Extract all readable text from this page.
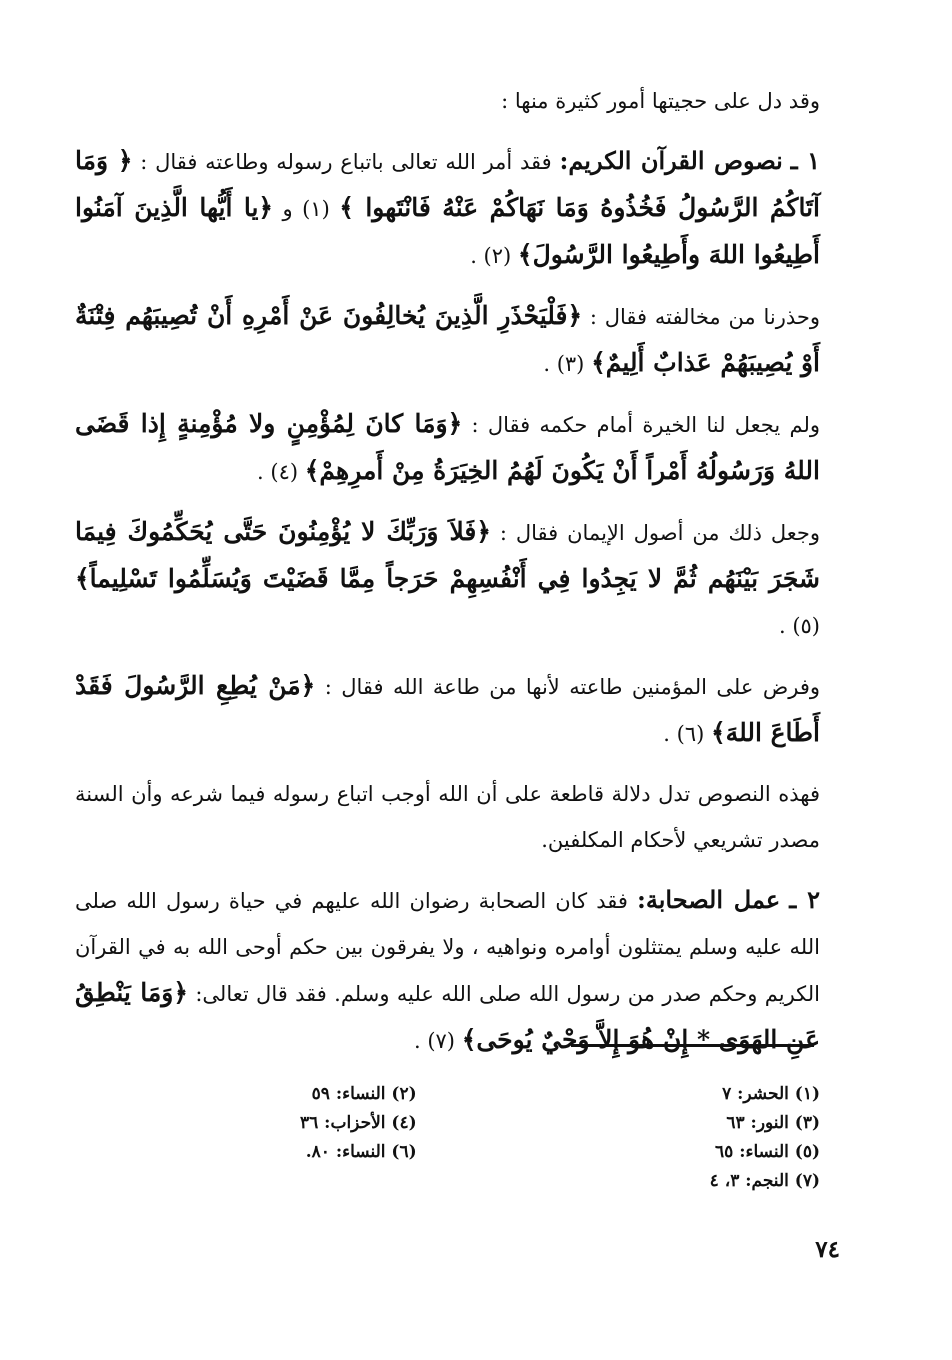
وقد دل على حجيتها أمور كثيرة منها :

١ ـ نصوص القرآن الكريم: فقد أمر الله تعالى باتباع رسوله وطاعته فقال : ﴿ وَمَا آتَاكُمُ الرَّسُولُ فَخُذُوهُ وَمَا نَهَاكُمْ عَنْهُ فَانْتَهوا ﴾ (١) و ﴿يا أَيُّها الَّذِينَ آمَنُوا أَطِيعُوا اللهَ وأَطِيعُوا الرَّسُولَ﴾ (٢) .

وحذرنا من مخالفته فقال : ﴿فَلْيَحْذَرِ الَّذِينَ يُخالِفُونَ عَنْ أَمْرِهِ أَنْ تُصِيبَهُم فِتْنَةٌ أَوْ يُصِيبَهُمْ عَذابٌ أَلِيمٌ﴾ (٣) .

ولم يجعل لنا الخيرة أمام حكمه فقال : ﴿وَمَا كانَ لِمُؤْمِنٍ ولا مُؤْمِنةٍ إِذا قَضَى اللهُ وَرَسُولُهُ أَمْراً أَنْ يَكُونَ لَهُمُ الخِيَرَةُ مِنْ أَمرِهِمْ﴾ (٤) .

وجعل ذلك من أصول الإيمان فقال : ﴿فَلاَ وَرَبِّكَ لا يُؤْمِنُونَ حَتَّى يُحَكِّمُوكَ فِيمَا شَجَرَ بَيْنَهُم ثُمَّ لا يَجِدُوا فِي أَنْفُسِهِمْ حَرَجاً مِمَّا قَضَيْتَ وَيُسَلِّمُوا تَسْلِيماً﴾ (٥) .

وفرض على المؤمنين طاعته لأنها من طاعة الله فقال : ﴿مَنْ يُطِعِ الرَّسُولَ فَقَدْ أَطَاعَ اللهَ﴾ (٦) .

فهذه النصوص تدل دلالة قاطعة على أن الله أوجب اتباع رسوله فيما شرعه وأن السنة مصدر تشريعي لأحكام المكلفين.

٢ ـ عمل الصحابة: فقد كان الصحابة رضوان الله عليهم في حياة رسول الله صلى الله عليه وسلم يمتثلون أوامره ونواهيه ، ولا يفرقون بين حكم أوحى الله به في القرآن الكريم وحكم صدر من رسول الله صلى الله عليه وسلم. فقد قال تعالى: ﴿وَمَا يَنْطِقُ عَنِ الهَوَى * إِنْ هُوَ إِلاَّ وَحْيٌ يُوحَى﴾ (٧) .

(١) الحشر: ٧
(٣) النور: ٦٣
(٥) النساء: ٦٥
(٧) النجم: ٣، ٤
(٢) النساء: ٥٩
(٤) الأحزاب: ٣٦
(٦) النساء: ٨٠.
٧٤
